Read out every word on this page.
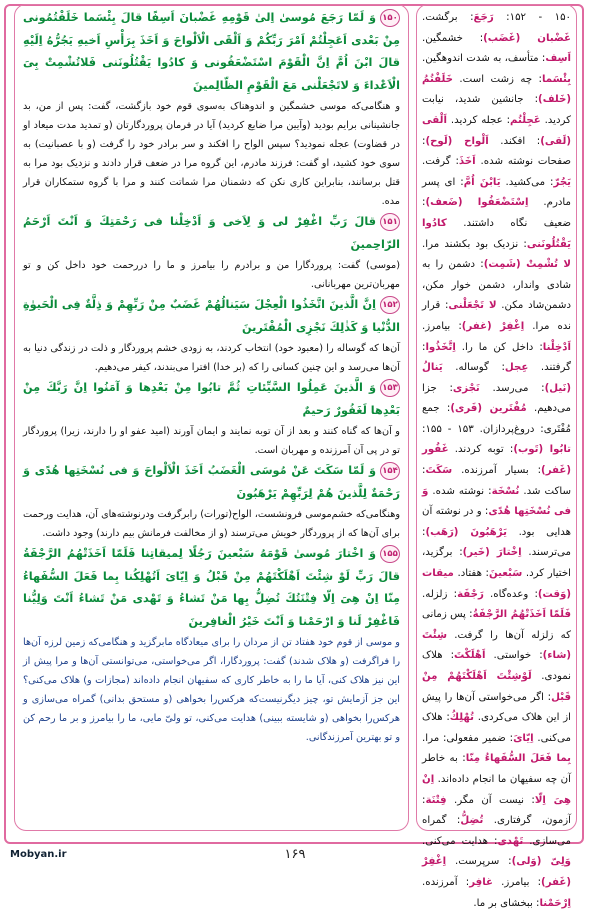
۱۵۰وَ لَمّا رَجَعَ مُوسىٰ اِلىٰ قَوْمِهِ غَضْبانَ اَسِفًا قالَ بِئْسَما خَلَفْتُمُونى مِنْ بَعْدى اَعَجِلْتُمْ اَمْرَ رَبِّكُمْ وَ اَلْقَى الْاَلْواحَ وَ اَخَذَ بِرَأْسِ اَخيهِ يَجُرُّهُ اِلَيْهِ قالَ ابْنَ اُمَّ اِنَّ الْقَوْمَ اسْتَضْعَفُونى وَ كادُوا يَقْتُلُونَنى فَلاتُشْمِتْ بِىَ الْاَعْداءَ وَ لاتَجْعَلْنى مَعَ الْقَوْمِ الظّالِمينَ
و هنگامى‌كه موسى خشمگين و اندوهناک به‌سوى قوم خود بازگشت، گفت: پس از من، بد جانشينانى برايم بوديد (وآيين مرا ضايع كرديد) آيا در فرمان پروردگارتان (و تمديد مدت ميعاد او در قضاوت) عجله نموديد؟ سپس الواح را افكند و سر برادر خود را گرفت (و با عصبانيت) به سوى خود كشيد، او گفت: فرزند مادرم، اين گروه مرا در ضعف قرار دادند و نزديک بود مرا به قتل برسانند، بنابراين كارى نكن كه دشمنان مرا شماتت كنند و مرا با گروه ستمكاران قرار مده.
۱۵۱قالَ رَبِّ اغْفِرْ لى وَ لِاَخى وَ اَدْخِلْنا فى رَحْمَتِكَ وَ اَنْتَ اَرْحَمُ الرّاحِمينَ
(موسى) گفت: پروردگارا من و برادرم را بيامرز و ما را دررحمت خود داخل كن و تو مهربان‌ترين مهربانانى.
۱۵۲اِنَّ الَّذينَ اتَّخَذُوا الْعِجْلَ سَيَنالُهُمْ غَضَبٌ مِنْ رَبِّهِمْ وَ ذِلَّةٌ فِى الْحَيوٰةِ الدُّنْيا وَ كَذٰلِكَ نَجْزِى الْمُفْتَرينَ
آن‌ها كه گوساله را (معبود خود) انتخاب كردند، به زودى خشم پروردگار و ذلت در زندگى دنيا به آن‌ها مى‌رسد و اين چنين كسانى را كه (بر خدا) افترا مى‌بندند، كيفر مى‌دهيم.
۱۵۳وَ الَّذينَ عَمِلُوا السَّيِّئاتِ ثُمَّ تابُوا مِنْ بَعْدِها وَ آمَنُوا اِنَّ رَبَّكَ مِنْ بَعْدِها لَغَفُورٌ رَحيمٌ
و آن‌ها كه گناه كنند و بعد از آن توبه نمايند و ايمان آورند (اميد عفو او را دارند، زيرا) پروردگار تو در پى آن آمرزنده و مهربان است.
۱۵۴وَ لَمّا سَكَتَ عَنْ مُوسَى الْغَضَبُ اَخَذَ الْاَلْواحَ وَ فى نُسْخَتِها هُدًى وَ رَحْمَةٌ لِلَّذينَ هُمْ لِرَبِّهِمْ يَرْهَبُونَ
وهنگامى‌كه خشم‌موسى فرونشست، الواح(تورات) رابرگرفت ودرنوشته‌هاى آن، هدايت ورحمت براى آن‌ها كه از پروردگار خويش مى‌ترسند (و از مخالفت فرمانش بيم دارند) وجود داشت.
۱۵۵وَ اخْتارَ مُوسىٰ قَوْمَهُ سَبْعينَ رَجُلًا لِميقاتِنا فَلَمّا اَخَذَتْهُمُ الرَّجْفَةُ قالَ رَبِّ لَوْ شِئْتَ اَهْلَكْتَهُمْ مِنْ قَبْلُ وَ اِيّاىَ اَتُهْلِكُنا بِما فَعَلَ السُّفَهاءُ مِنّا اِنْ هِىَ اِلّا فِتْنَتُكَ تُضِلُّ بِها مَنْ تَشاءُ وَ تَهْدى مَنْ تَشاءُ اَنْتَ وَلِيُّنا فَاغْفِرْ لَنا وَ ارْحَمْنا وَ اَنْتَ خَيْرُ الْغافِرينَ
و موسى از قوم خود هفتاد تن از مردان را براى ميعادگاه مابرگزيد و هنگامى‌كه زمين لرزه آن‌ها را فراگرفت (و هلاک شدند) گفت: پروردگارا، اگر مى‌خواستى، مى‌توانستى آن‌ها و مرا پيش از اين نيز هلاک كنى، آيا ما را به خاطر كارى كه سفيهان انجام داده‌اند (مجازات و) هلاک مى‌كنى؟ اين جز آزمايش تو، چيز ديگرنيست‌كه هركس‌را بخواهى (و مستحق بدانى) گمراه مى‌سازى و هركس‌را بخواهى (و شايسته ببينى) هدايت مى‌كنى، تو ولىّ مايى، ما را بيامرز و بر ما رحم كن و تو بهترين آمرزندگانى.
۱۵۰ - ۱۵۲: رَجَعَ: برگشت. غَضْبان (غَضَب): خشمگين. اَسِف: متأسف، به شدت اندوهگين. بِئْسَما: چه زشت است. خَلَفْتُمُ (خَلف): جانشين شديد، نيابت كرديد. عَجِلْتُم: عجله كرديد. اَلْقى (لَقى): افكند. اَلْواح (لَوح): صفحات نوشته شده. اَخَذَ: گرفت. يَجُرّ: مى‌كشيد. يَابْنَ اُمَّ: اى پسر مادرم. اِسْتَضْعَفُوا (ضَعف): ضعيف نگاه داشتند. كادُوا يَقْتُلُونَنى: نزديک بود بكشند مرا. لا تُشْمِتْ (شَمِت): دشمن را به شادى واندار، دشمن خوار مكن، دشمن‌شاد مكن. لا تَجْعَلْنى: قرار نده مرا. اِغْفِرْ (غفر): بيامرز. اَدْخِلْنا: داخل كن ما را. اِتَّخَذُوا: گرفتند. عِجل: گوساله. يَنالُ (نَيل): مى‌رسد. نَجْزى: جزا مى‌دهيم. مُفْتَرين (فَرى): جمع مُفْتَرى: دروغ‌پردازان. ۱۵۳ - ۱۵۵: تابُوا (تَوب): توبه كردند. غَفُور (غَفر): بسيار آمرزنده. سَكَتَ: ساكت شد. نُسْخَة: نوشته شده. وَ فى نُسْخَتِها هُدًى: و در نوشته آن هدايى بود. يَرْهَبُونَ (رَهَب): مى‌ترسند. اِخْتارَ (خَير): برگزيد، اختيار كرد. سَبْعينَ: هفتاد. ميقات (وَقت): وعده‌گاه. رَجْفَة: زلزله. فَلَمّا اَخَذَتْهُمُ الرَّجْفَةُ: پس زمانى كه زلزله آن‌ها را گرفت. شِئْتَ (شاء): خواستى. اَهْلَكْتَ: هلاک نمودى. لَوْشِئْتَ اَهْلَكْتَهُمْ مِنْ قَبْل: اگر مى‌خواستى آن‌ها را پيش از اين هلاک مى‌كردى. تُهْلِكُ: هلاک مى‌كنى. اِيّاىَ: ضمير مفعولى: مرا. بِما فَعَلَ السُّفَهاءُ مِنّا: به خاطر آن چه سفيهان ما انجام داده‌اند. اِنْ هِىَ اِلّا: نيست آن مگر. فِتْنَة: آزمون، گرفتارى. تُضِلُّ: گمراه مى‌سازى. تَهْدى: هدايت مى‌كنى. وَلِىّ (وَلى): سرپرست. اِغْفِرْ (غَفر): بيامرز. غافِر: آمرزنده. اِرْحَمْنا: ببخشاى بر ما.
Mobyan.ir	۱۶۹
